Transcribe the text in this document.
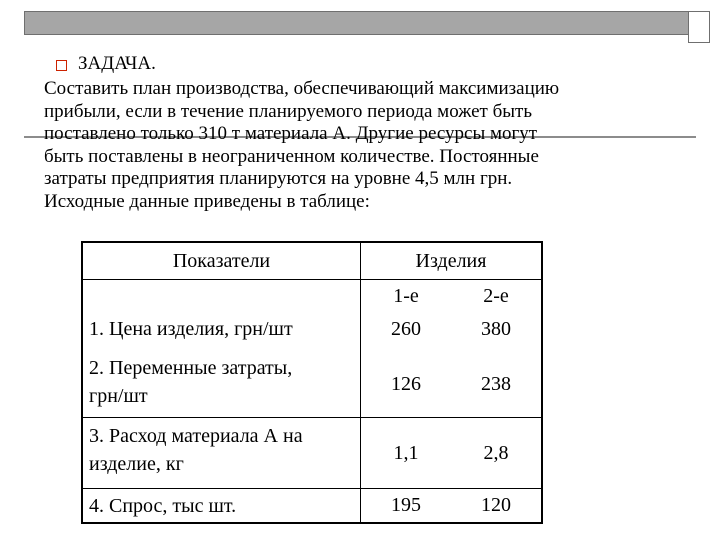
ЗАДАЧА.

Составить план производства, обеспечивающий максимизацию
прибыли, если в течение планируемого периода может быть
поставлено только 310 т материала А. Другие ресурсы могут
быть поставлены в неограниченном количестве. Постоянные
затраты предприятия планируются на уровне 4,5 млн грн.
Исходные данные приведены в таблице:

Показатели	Изделия	
	1-е	2-е

1. Цена изделия, грн/шт	260	380

2. Переменные затраты,
грн/шт	126	238

3. Расход материала А на
изделие, кг	1,1	2,8

4. Спрос, тыс шт.	195	120
